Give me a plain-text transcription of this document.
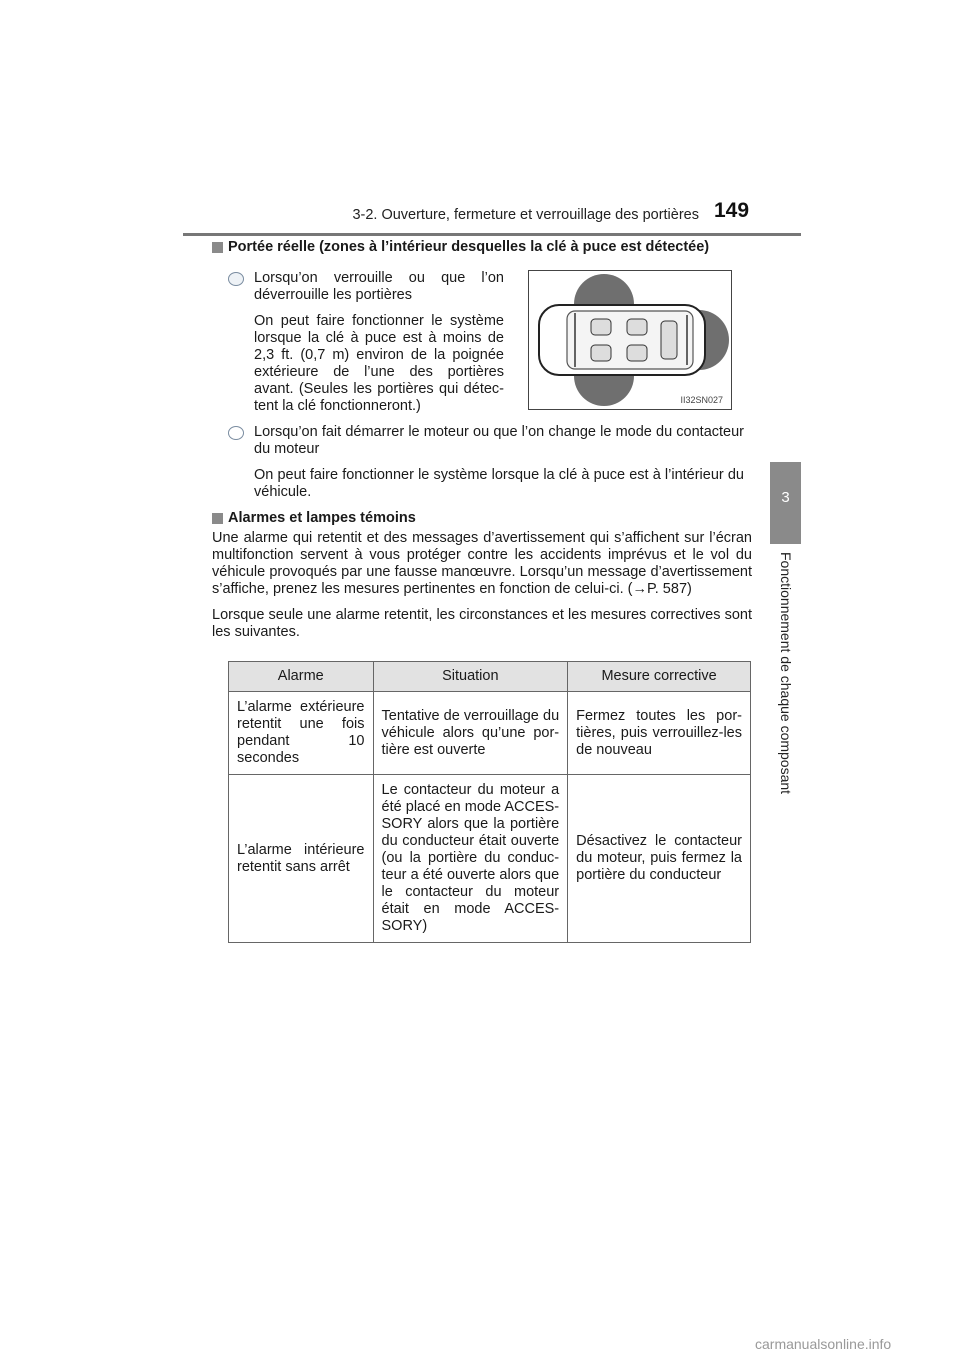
3-2. Ouverture, fermeture et verrouillage des portières 149
3
Fonctionnement de chaque composant
Portée réelle (zones à l’intérieur desquelles la clé à puce est détectée)

Lorsqu’on verrouille ou que l’on déverrouille les portières

On peut faire fonctionner le système lorsque la clé à puce est à moins de 2,3 ft. (0,7 m) environ de la poignée extérieure de l’une des portières avant. (Seules les portières qui détectent la clé fonctionneront.)

Lorsqu’on fait démarrer le moteur ou que l’on change le mode du contacteur du moteur

On peut faire fonctionner le système lorsque la clé à puce est à l’intérieur du véhicule.

Alarmes et lampes témoins

Une alarme qui retentit et des messages d’avertissement qui s’affichent sur l’écran multifonction servent à vous protéger contre les accidents imprévus et le vol du véhicule provoqués par une fausse manœuvre. Lorsqu’un message d’avertissement s’affiche, prenez les mesures pertinentes en fonction de celui-ci. (→P. 587)

Lorsque seule une alarme retentit, les circonstances et les mesures correctives sont les suivantes.

II32SN027
Alarme	Situation	Mesure corrective
L’alarme extérieure retentit une fois pendant 10 secondes	Tentative de verrouillage du véhicule alors qu’une portière est ouverte	Fermez toutes les portières, puis verrouillez-les de nouveau
L’alarme intérieure retentit sans arrêt	Le contacteur du moteur a été placé en mode ACCESSORY alors que la portière du conducteur était ouverte (ou la portière du conducteur a été ouverte alors que le contacteur du moteur était en mode ACCESSORY)	Désactivez le contacteur du moteur, puis fermez la portière du conducteur
carmanualsonline.info
